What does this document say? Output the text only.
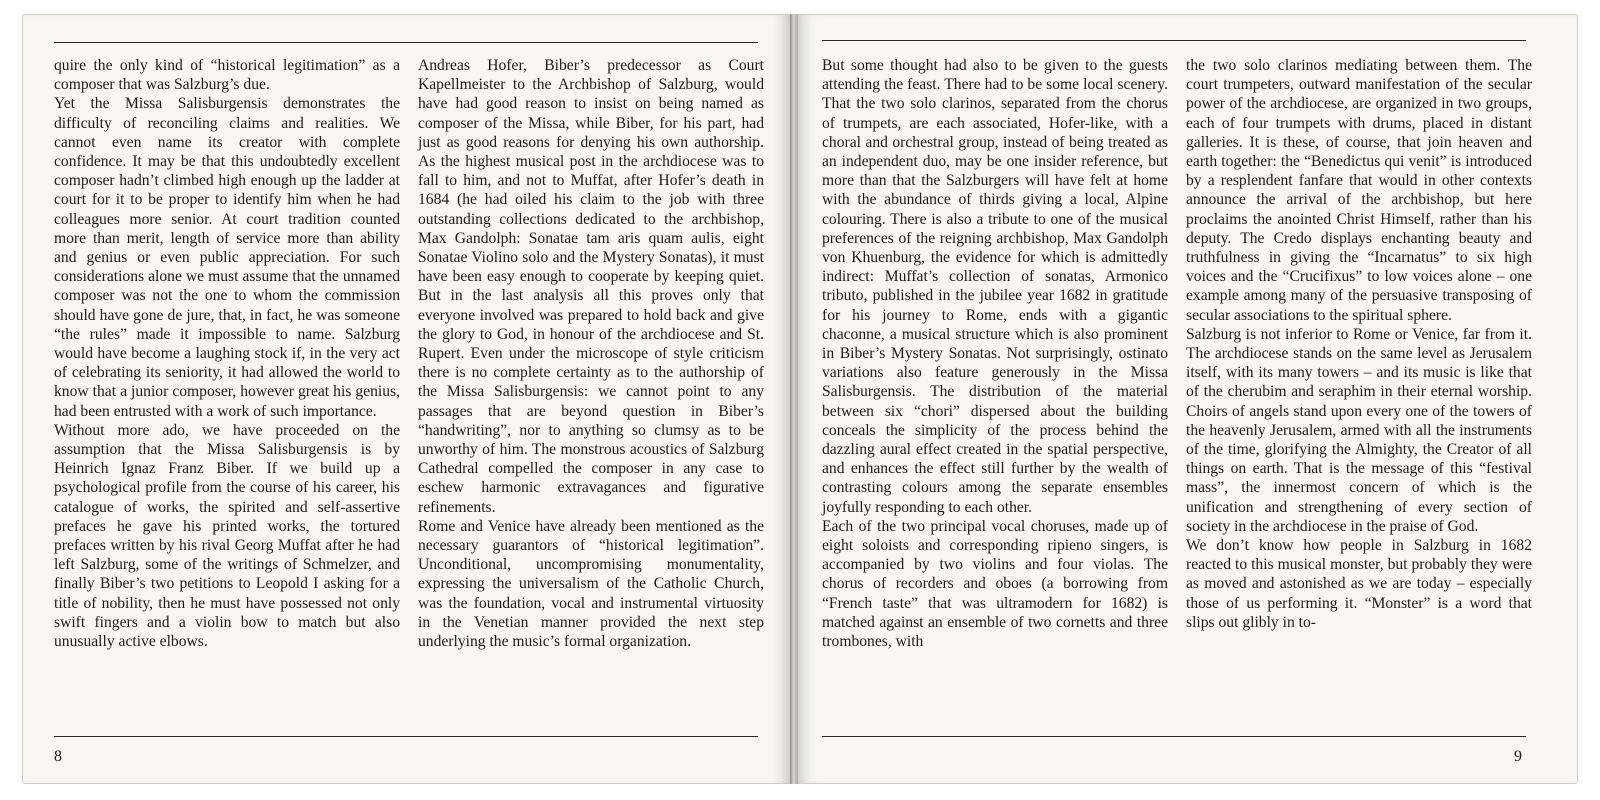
quire the only kind of “historical legitimation” as a composer that was Salzburg’s due.

Yet the Missa Salisburgensis demonstrates the difficulty of reconciling claims and realities. We cannot even name its creator with complete confidence. It may be that this undoubtedly excellent composer hadn’t climbed high enough up the ladder at court for it to be proper to identify him when he had colleagues more senior. At court tradition counted more than merit, length of service more than ability and genius or even public appreciation. For such considerations alone we must assume that the unnamed composer was not the one to whom the commission should have gone de jure, that, in fact, he was someone “the rules” made it impossible to name. Salzburg would have become a laughing stock if, in the very act of celebrating its seniority, it had allowed the world to know that a junior composer, however great his genius, had been entrusted with a work of such importance.

Without more ado, we have proceeded on the assumption that the Missa Salisburgensis is by Heinrich Ignaz Franz Biber. If we build up a psychological profile from the course of his career, his catalogue of works, the spirited and self-assertive prefaces he gave his printed works, the tortured prefaces written by his rival Georg Muffat after he had left Salzburg, some of the writings of Schmelzer, and finally Biber’s two petitions to Leopold I asking for a title of nobility, then he must have possessed not only swift fingers and a violin bow to match but also unusually active elbows.

Andreas Hofer, Biber’s predecessor as Court Kapellmeister to the Archbishop of Salzburg, would have had good reason to insist on being named as composer of the Missa, while Biber, for his part, had just as good reasons for denying his own authorship. As the highest musical post in the archdiocese was to fall to him, and not to Muffat, after Hofer’s death in 1684 (he had oiled his claim to the job with three outstanding collections dedicated to the archbishop, Max Gandolph: Sonatae tam aris quam aulis, eight Sonatae Violino solo and the Mystery Sonatas), it must have been easy enough to cooperate by keeping quiet. But in the last analysis all this proves only that everyone involved was prepared to hold back and give the glory to God, in honour of the archdiocese and St. Rupert. Even under the microscope of style criticism there is no complete certainty as to the authorship of the Missa Salisburgensis: we cannot point to any passages that are beyond question in Biber’s “handwriting”, nor to anything so clumsy as to be unworthy of him. The monstrous acoustics of Salzburg Cathedral compelled the composer in any case to eschew harmonic extravagances and figurative refinements.

Rome and Venice have already been mentioned as the necessary guarantors of “historical legitimation”. Unconditional, uncompromising monumentality, expressing the universalism of the Catholic Church, was the foundation, vocal and instrumental virtuosity in the Venetian manner provided the next step underlying the music’s formal organization.

But some thought had also to be given to the guests attending the feast. There had to be some local scenery. That the two solo clarinos, separated from the chorus of trumpets, are each associated, Hofer-like, with a choral and orchestral group, instead of being treated as an independent duo, may be one insider reference, but more than that the Salzburgers will have felt at home with the abundance of thirds giving a local, Alpine colouring. There is also a tribute to one of the musical preferences of the reigning archbishop, Max Gandolph von Khuenburg, the evidence for which is admittedly indirect: Muffat’s collection of sonatas, Armonico tributo, published in the jubilee year 1682 in gratitude for his journey to Rome, ends with a gigantic chaconne, a musical structure which is also prominent in Biber’s Mystery Sonatas. Not surprisingly, ostinato variations also feature generously in the Missa Salisburgensis. The distribution of the material between six “chori” dispersed about the building conceals the simplicity of the process behind the dazzling aural effect created in the spatial perspective, and enhances the effect still further by the wealth of contrasting colours among the separate ensembles joyfully responding to each other.

Each of the two principal vocal choruses, made up of eight soloists and corresponding ripieno singers, is accompanied by two violins and four violas. The chorus of recorders and oboes (a borrowing from “French taste” that was ultramodern for 1682) is matched against an ensemble of two cornetts and three trombones, with

the two solo clarinos mediating between them. The court trumpeters, outward manifestation of the secular power of the archdiocese, are organized in two groups, each of four trumpets with drums, placed in distant galleries. It is these, of course, that join heaven and earth together: the “Benedictus qui venit” is introduced by a resplendent fanfare that would in other contexts announce the arrival of the archbishop, but here proclaims the anointed Christ Himself, rather than his deputy. The Credo displays enchanting beauty and truthfulness in giving the “Incarnatus” to six high voices and the “Crucifixus” to low voices alone – one example among many of the persuasive transposing of secular associations to the spiritual sphere.

Salzburg is not inferior to Rome or Venice, far from it. The archdiocese stands on the same level as Jerusalem itself, with its many towers – and its music is like that of the cherubim and seraphim in their eternal worship. Choirs of angels stand upon every one of the towers of the heavenly Jerusalem, armed with all the instruments of the time, glorifying the Almighty, the Creator of all things on earth. That is the message of this “festival mass”, the innermost concern of which is the unification and strengthening of every section of society in the archdiocese in the praise of God.

We don’t know how people in Salzburg in 1682 reacted to this musical monster, but probably they were as moved and astonished as we are today – especially those of us performing it. “Monster” is a word that slips out glibly in to-

8	9
